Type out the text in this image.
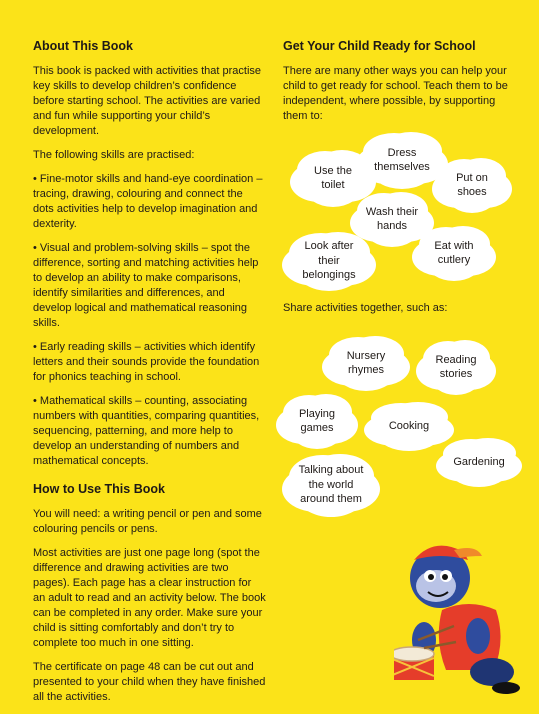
About This Book

This book is packed with activities that practise key skills to develop children’s confidence before starting school. The activities are varied and fun while supporting your child’s development.

The following skills are practised:

• Fine-motor skills and hand-eye coordination – tracing, drawing, colouring and connect the dots activities help to develop imagination and dexterity.

• Visual and problem-solving skills – spot the difference, sorting and matching activities help to develop an ability to make comparisons, identify similarities and differences, and develop logical and mathematical reasoning skills.

• Early reading skills – activities which identify letters and their sounds provide the foundation for phonics teaching in school.

• Mathematical skills – counting, associating numbers with quantities, comparing quantities, sequencing, patterning, and more help to develop an understanding of numbers and mathematical concepts.

How to Use This Book

You will need: a writing pencil or pen and some colouring pencils or pens.

Most activities are just one page long (spot the difference and drawing activities are two pages). Each page has a clear instruction for an adult to read and an activity below. The book can be completed in any order. Make sure your child is sitting comfortably and don’t try to complete too much in one sitting.

The certificate on page 48 can be cut out and presented to your child when they have finished all the activities.

Get Your Child Ready for School

There are many other ways you can help your child to get ready for school. Teach them to be independent, where possible, by supporting them to:

Use the toilet
Dress themselves
Put on shoes
Wash their hands
Look after their belongings
Eat with cutlery

Share activities together, such as:

Nursery rhymes
Reading stories
Playing games	Cooking
Talking about the world around them
Gardening
